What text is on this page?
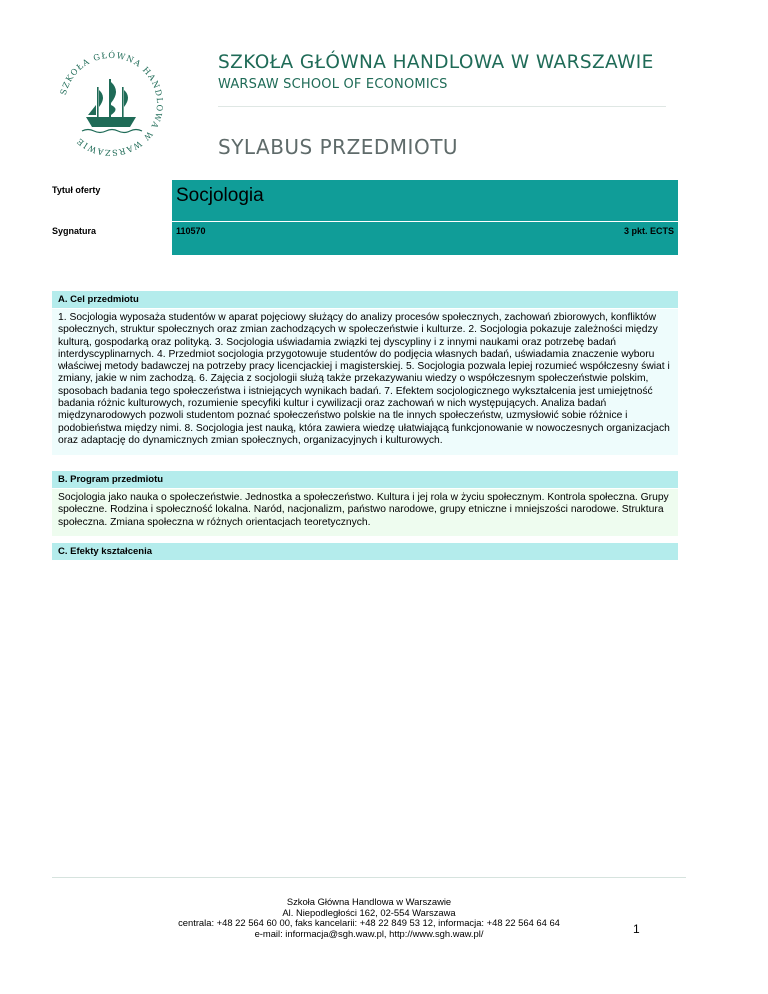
SZKOŁA GŁÓWNA HANDLOWA W WARSZAWIE
SZKOŁA GŁÓWNA HANDLOWA W WARSZAWIE
WARSAW SCHOOL OF ECONOMICS
SYLABUS PRZEDMIOTU
Tytuł oferty	Socjologia
Sygnatura	110570	3 pkt. ECTS
A. Cel przedmiotu
1. Socjologia wyposaża studentów w aparat pojęciowy służący do analizy procesów społecznych, zachowań zbiorowych, konfliktów społecznych, struktur społecznych oraz zmian zachodzących w społeczeństwie i kulturze. 2. Socjologia pokazuje zależności między kulturą, gospodarką oraz polityką. 3. Socjologia uświadamia związki tej dyscypliny i z innymi naukami oraz potrzebę badań interdyscyplinarnych. 4. Przedmiot socjologia przygotowuje studentów do podjęcia własnych badań, uświadamia znaczenie wyboru właściwej metody badawczej na potrzeby pracy licencjackiej i magisterskiej. 5. Socjologia pozwala lepiej rozumieć współczesny świat i zmiany, jakie w nim zachodzą. 6. Zajęcia z socjologii służą także przekazywaniu wiedzy o współczesnym społeczeństwie polskim, sposobach badania tego społeczeństwa i istniejących wynikach badań. 7. Efektem socjologicznego wykształcenia jest umiejętność badania różnic kulturowych, rozumienie specyfiki kultur i cywilizacji oraz zachowań w nich występujących. Analiza badań międzynarodowych pozwoli studentom poznać społeczeństwo polskie na tle innych społeczeństw, uzmysłowić sobie różnice i podobieństwa między nimi. 8. Socjologia jest nauką, która zawiera wiedzę ułatwiającą funkcjonowanie w nowoczesnych organizacjach oraz adaptację do dynamicznych zmian społecznych, organizacyjnych i kulturowych.
B. Program przedmiotu
Socjologia jako nauka o społeczeństwie. Jednostka a społeczeństwo. Kultura i jej rola w życiu społecznym. Kontrola społeczna. Grupy społeczne. Rodzina i społeczność lokalna. Naród, nacjonalizm, państwo narodowe, grupy etniczne i mniejszości narodowe. Struktura społeczna. Zmiana społeczna w różnych orientacjach teoretycznych.
C. Efekty kształcenia
Szkoła Główna Handlowa w Warszawie
Al. Niepodległości 162, 02-554 Warszawa
centrala: +48 22 564 60 00, faks kancelarii: +48 22 849 53 12, informacja: +48 22 564 64 64
e-mail: informacja@sgh.waw.pl, http://www.sgh.waw.pl/	1
